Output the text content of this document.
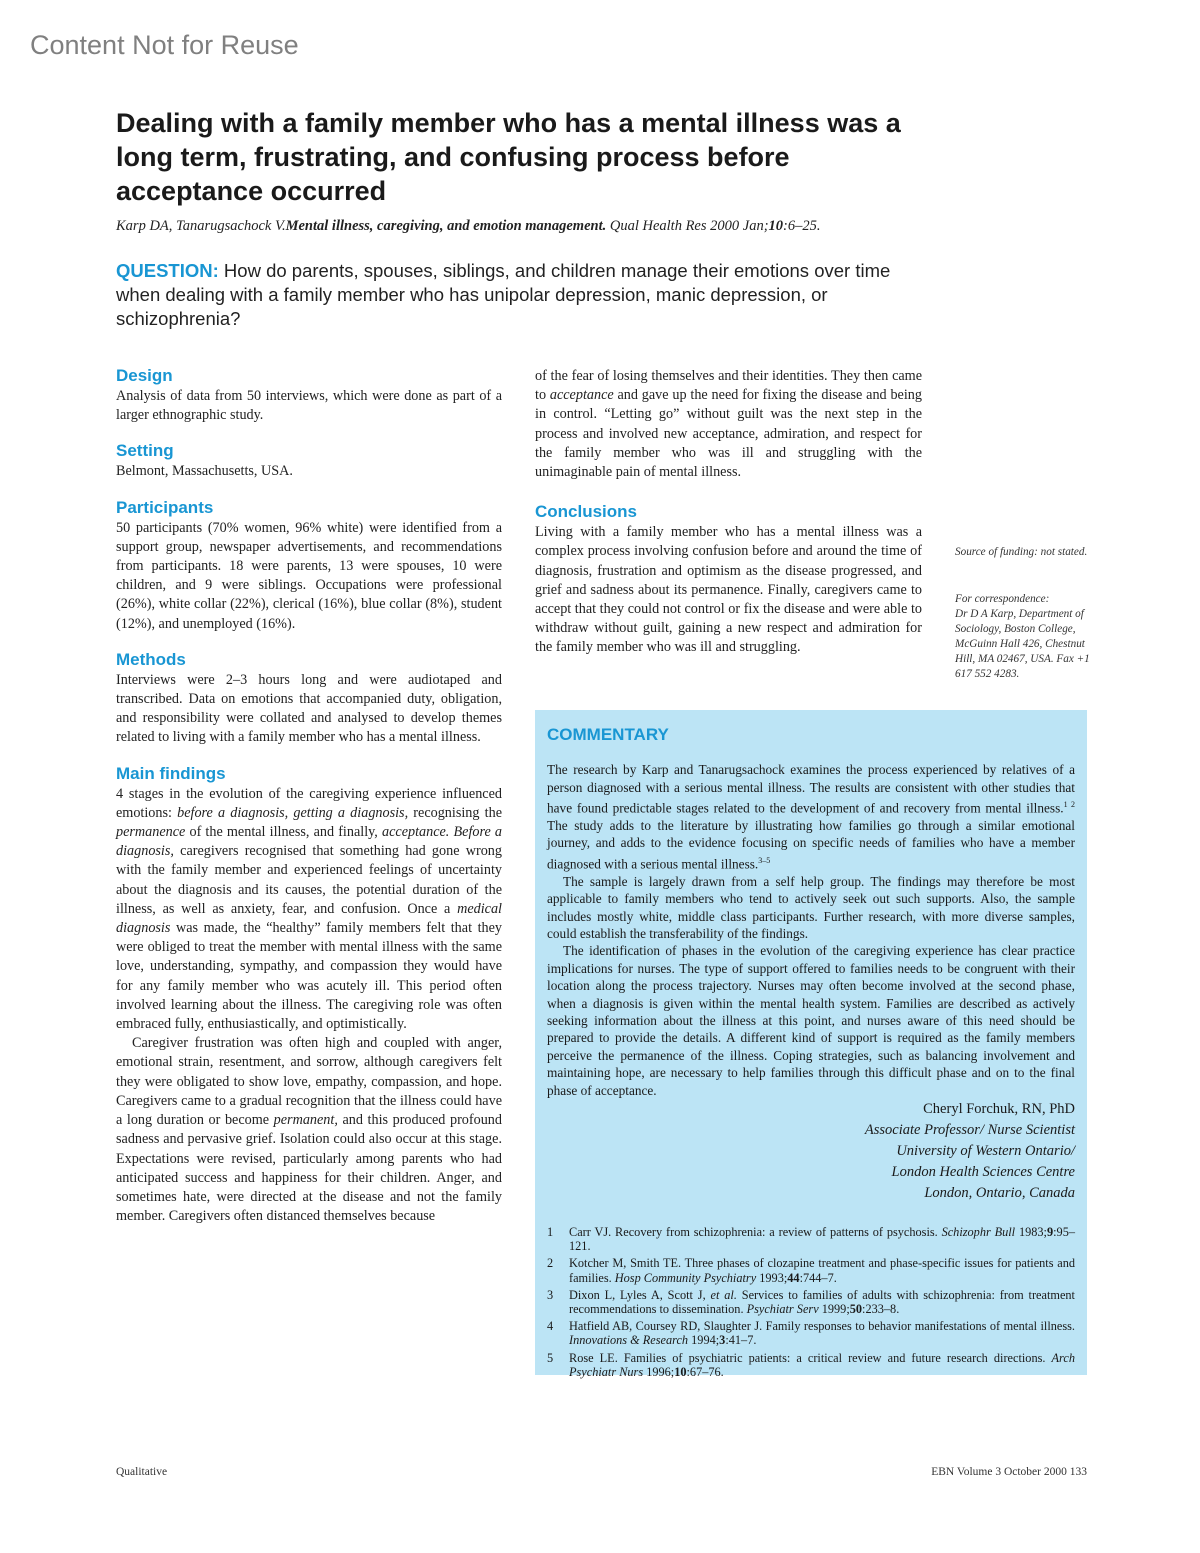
Content Not for Reuse
Dealing with a family member who has a mental illness was a long term, frustrating, and confusing process before acceptance occurred
Karp DA, Tanarugsachock V.Mental illness, caregiving, and emotion management. Qual Health Res 2000 Jan;10:6–25.
QUESTION: How do parents, spouses, siblings, and children manage their emotions over time when dealing with a family member who has unipolar depression, manic depression, or schizophrenia?
Design

Analysis of data from 50 interviews, which were done as part of a larger ethnographic study.

Setting

Belmont, Massachusetts, USA.

Participants

50 participants (70% women, 96% white) were identified from a support group, newspaper advertisements, and recommendations from participants. 18 were parents, 13 were spouses, 10 were children, and 9 were siblings. Occupations were professional (26%), white collar (22%), clerical (16%), blue collar (8%), student (12%), and unemployed (16%).

Methods

Interviews were 2–3 hours long and were audiotaped and transcribed. Data on emotions that accompanied duty, obligation, and responsibility were collated and analysed to develop themes related to living with a family member who has a mental illness.

Main findings

4 stages in the evolution of the caregiving experience influenced emotions: before a diagnosis, getting a diagnosis, recognising the permanence of the mental illness, and finally, acceptance. Before a diagnosis, caregivers recognised that something had gone wrong with the family member and experienced feelings of uncertainty about the diagnosis and its causes, the potential duration of the illness, as well as anxiety, fear, and confusion. Once a medical diagnosis was made, the “healthy” family members felt that they were obliged to treat the member with mental illness with the same love, understanding, sympathy, and compassion they would have for any family member who was acutely ill. This period often involved learning about the illness. The caregiving role was often embraced fully, enthusiastically, and optimistically.

Caregiver frustration was often high and coupled with anger, emotional strain, resentment, and sorrow, although caregivers felt they were obligated to show love, empathy, compassion, and hope. Caregivers came to a gradual recognition that the illness could have a long duration or become permanent, and this produced profound sadness and pervasive grief. Isolation could also occur at this stage. Expectations were revised, particularly among parents who had anticipated success and happiness for their children. Anger, and sometimes hate, were directed at the disease and not the family member. Caregivers often distanced themselves because

of the fear of losing themselves and their identities. They then came to acceptance and gave up the need for fixing the disease and being in control. “Letting go” without guilt was the next step in the process and involved new acceptance, admiration, and respect for the family member who was ill and struggling with the unimaginable pain of mental illness.

Conclusions

Living with a family member who has a mental illness was a complex process involving confusion before and around the time of diagnosis, frustration and optimism as the disease progressed, and grief and sadness about its permanence. Finally, caregivers came to accept that they could not control or fix the disease and were able to withdraw without guilt, gaining a new respect and admiration for the family member who was ill and struggling.

Source of funding: not stated.
For correspondence:
Dr D A Karp, Department of Sociology, Boston College, McGuinn Hall 426, Chestnut Hill, MA 02467, USA. Fax +1 617 552 4283.
COMMENTARY

The research by Karp and Tanarugsachock examines the process experienced by relatives of a person diagnosed with a serious mental illness. The results are consistent with other studies that have found predictable stages related to the development of and recovery from mental illness.$^{1 2}$ The study adds to the literature by illustrating how families go through a similar emotional journey, and adds to the evidence focusing on specific needs of families who have a member diagnosed with a serious mental illness.$^{3-5}$

The sample is largely drawn from a self help group. The findings may therefore be most applicable to family members who tend to actively seek out such supports. Also, the sample includes mostly white, middle class participants. Further research, with more diverse samples, could establish the transferability of the findings.

The identification of phases in the evolution of the caregiving experience has clear practice implications for nurses. The type of support offered to families needs to be congruent with their location along the process trajectory. Nurses may often become involved at the second phase, when a diagnosis is given within the mental health system. Families are described as actively seeking information about the illness at this point, and nurses aware of this need should be prepared to provide the details. A different kind of support is required as the family members perceive the permanence of the illness. Coping strategies, such as balancing involvement and maintaining hope, are necessary to help families through this difficult phase and on to the final phase of acceptance.

Cheryl Forchuk, RN, PhD
Associate Professor/ Nurse Scientist
University of Western Ontario/
London Health Sciences Centre
London, Ontario, Canada
1	Carr VJ. Recovery from schizophrenia: a review of patterns of psychosis. Schizophr Bull 1983;9:95–121.
2	Kotcher M, Smith TE. Three phases of clozapine treatment and phase-specific issues for patients and families. Hosp Community Psychiatry 1993;44:744–7.
3	Dixon L, Lyles A, Scott J, et al. Services to families of adults with schizophrenia: from treatment recommendations to dissemination. Psychiatr Serv 1999;50:233–8.
4	Hatfield AB, Coursey RD, Slaughter J. Family responses to behavior manifestations of mental illness. Innovations & Research 1994;3:41–7.
5	Rose LE. Families of psychiatric patients: a critical review and future research directions. Arch Psychiatr Nurs 1996;10:67–76.
Qualitative	EBN Volume 3 October 2000 133
